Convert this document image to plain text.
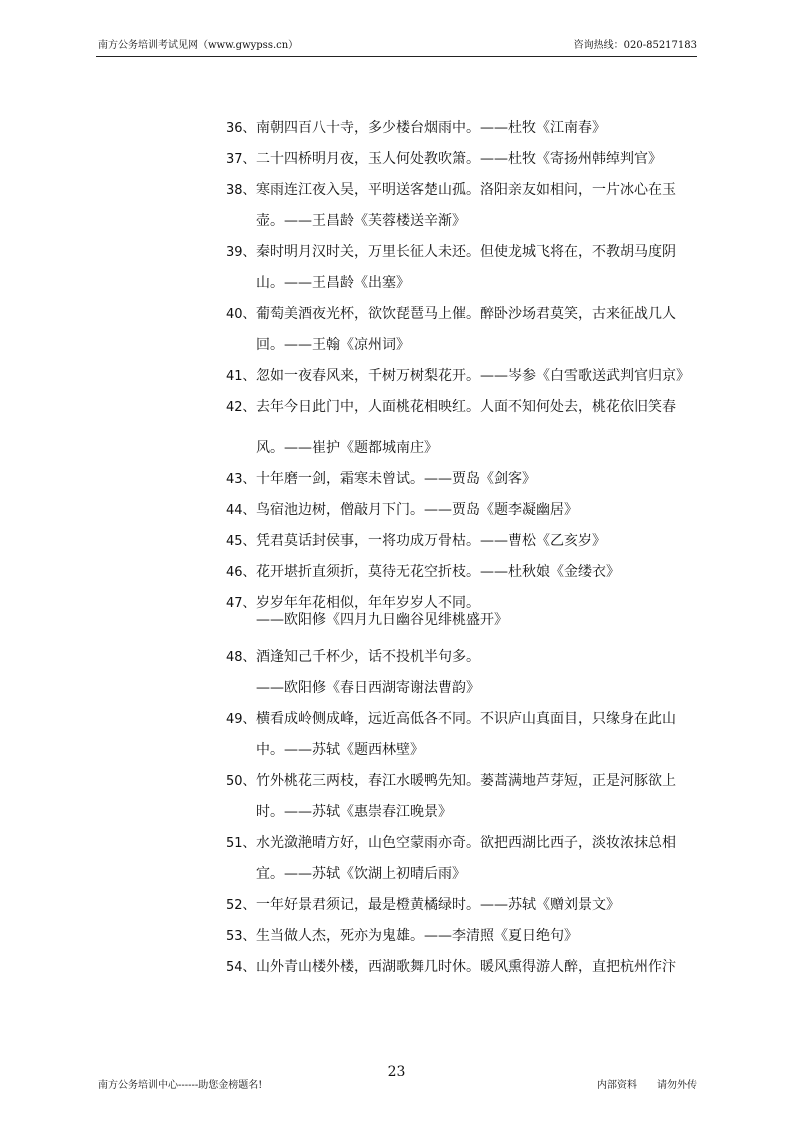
南方公务培训考试见网（www.gwypss.cn）	咨询热线：020-85217183
36、 南朝四百八十寺，多少楼台烟雨中。——杜牧《江南春》
37、 二十四桥明月夜，玉人何处教吹箫。——杜牧《寄扬州韩绰判官》
38、 寒雨连江夜入吴，平明送客楚山孤。洛阳亲友如相问，一片冰心在玉
壶。——王昌龄《芙蓉楼送辛渐》
39、 秦时明月汉时关，万里长征人未还。但使龙城飞将在，不教胡马度阴
山。——王昌龄《出塞》
40、 葡萄美酒夜光杯，欲饮琵琶马上催。醉卧沙场君莫笑，古来征战几人
回。——王翰《凉州词》
41、 忽如一夜春风来，千树万树梨花开。——岑参《白雪歌送武判官归京》
42、 去年今日此门中，人面桃花相映红。人面不知何处去，桃花依旧笑春
风。——崔护《题都城南庄》
43、 十年磨一剑，霜寒未曾试。——贾岛《剑客》
44、 鸟宿池边树，僧敲月下门。——贾岛《题李凝幽居》
45、 凭君莫话封侯事，一将功成万骨枯。——曹松《乙亥岁》
46、 花开堪折直须折，莫待无花空折枝。——杜秋娘《金缕衣》
47、 岁岁年年花相似，年年岁岁人不同。
——欧阳修《四月九日幽谷见绯桃盛开》
48、 酒逢知己千杯少，话不投机半句多。
——欧阳修《春日西湖寄谢法曹韵》
49、 横看成岭侧成峰，远近高低各不同。不识庐山真面目，只缘身在此山
中。——苏轼《题西林壁》
50、 竹外桃花三两枝，春江水暖鸭先知。蒌蒿满地芦芽短，正是河豚欲上
时。——苏轼《惠崇春江晚景》
51、 水光潋滟晴方好，山色空蒙雨亦奇。欲把西湖比西子，淡妆浓抹总相
宜。——苏轼《饮湖上初晴后雨》
52、 一年好景君须记，最是橙黄橘绿时。——苏轼《赠刘景文》
53、 生当做人杰，死亦为鬼雄。——李清照《夏日绝句》
54、 山外青山楼外楼，西湖歌舞几时休。暖风熏得游人醉，直把杭州作汴
23
南方公务培训中心------助您金榜题名!	内部资料 请勿外传
